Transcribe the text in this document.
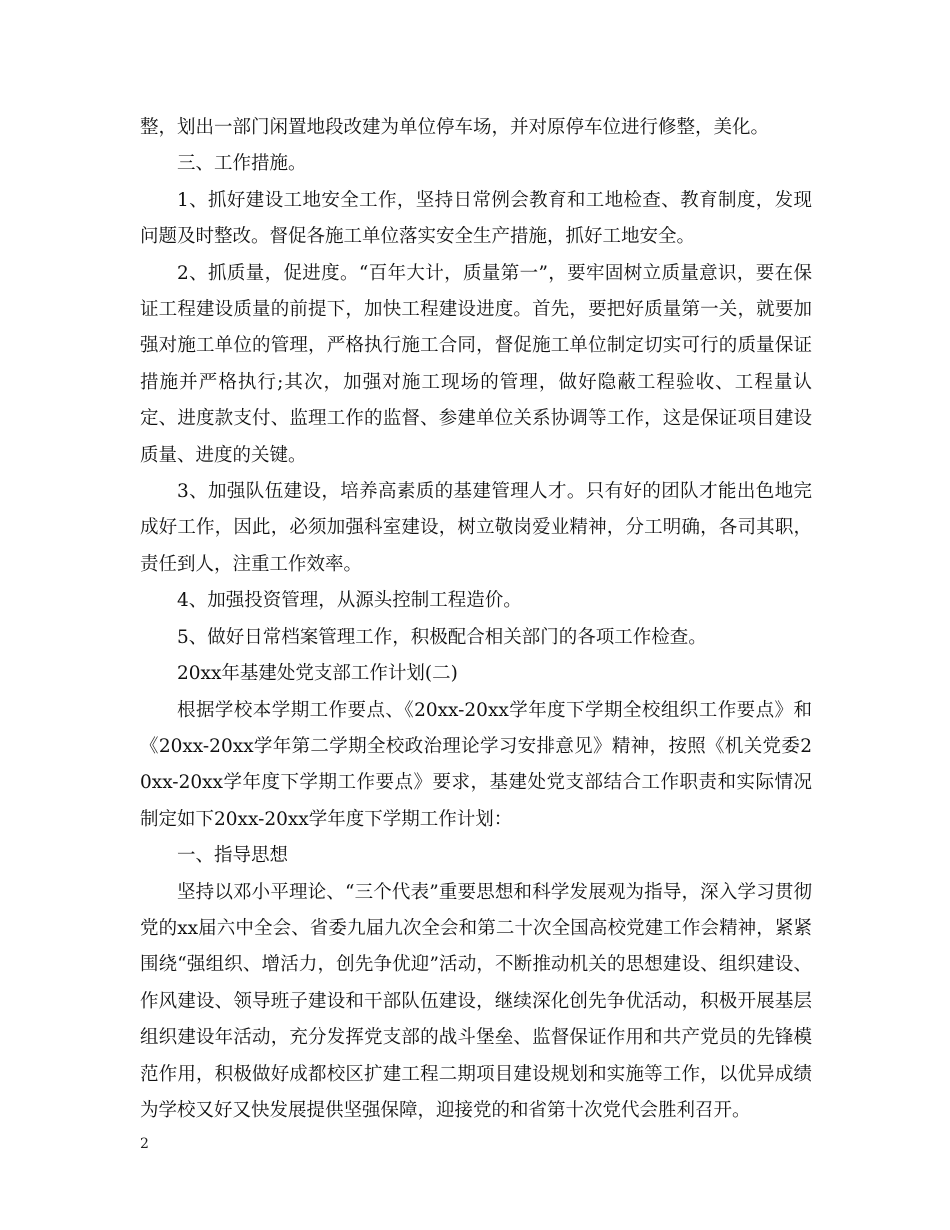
整，划出一部门闲置地段改建为单位停车场，并对原停车位进行修整，美化。

三、工作措施。

1、抓好建设工地安全工作，坚持日常例会教育和工地检查、教育制度，发现问题及时整改。督促各施工单位落实安全生产措施，抓好工地安全。

2、抓质量，促进度。“百年大计，质量第一”，要牢固树立质量意识，要在保证工程建设质量的前提下，加快工程建设进度。首先，要把好质量第一关，就要加强对施工单位的管理，严格执行施工合同，督促施工单位制定切实可行的质量保证措施并严格执行;其次，加强对施工现场的管理，做好隐蔽工程验收、工程量认定、进度款支付、监理工作的监督、参建单位关系协调等工作，这是保证项目建设质量、进度的关键。

3、加强队伍建设，培养高素质的基建管理人才。只有好的团队才能出色地完成好工作，因此，必须加强科室建设，树立敬岗爱业精神，分工明确，各司其职，责任到人，注重工作效率。

4、加强投资管理，从源头控制工程造价。

5、做好日常档案管理工作，积极配合相关部门的各项工作检查。

20xx年基建处党支部工作计划(二)

根据学校本学期工作要点、《20xx-20xx学年度下学期全校组织工作要点》和《20xx-20xx学年第二学期全校政治理论学习安排意见》精神，按照《机关党委20xx-20xx学年度下学期工作要点》要求，基建处党支部结合工作职责和实际情况制定如下20xx-20xx学年度下学期工作计划：

一、指导思想

坚持以邓小平理论、“三个代表”重要思想和科学发展观为指导，深入学习贯彻党的xx届六中全会、省委九届九次全会和第二十次全国高校党建工作会精神，紧紧围绕“强组织、增活力，创先争优迎”活动，不断推动机关的思想建设、组织建设、作风建设、领导班子建设和干部队伍建设，继续深化创先争优活动，积极开展基层组织建设年活动，充分发挥党支部的战斗堡垒、监督保证作用和共产党员的先锋模范作用，积极做好成都校区扩建工程二期项目建设规划和实施等工作，以优异成绩为学校又好又快发展提供坚强保障，迎接党的和省第十次党代会胜利召开。

2
